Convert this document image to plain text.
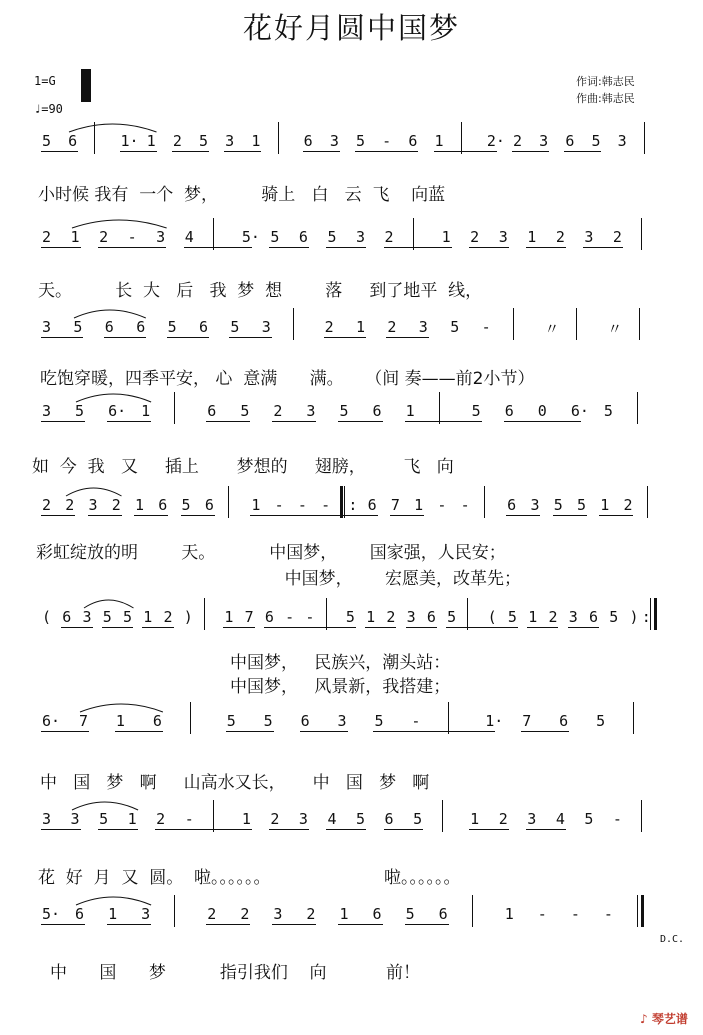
花好月圆中国梦
1=G
♩=90
作词:韩志民
作曲:韩志民
5 6	1· 1 2 5 3 1	6 3 5 - 6 1	2· 2 3 6 5 3
小时候 我有  一个  梦，        骑上   白   云  飞    向蓝
2 1 2 - 3 4	5· 5 6 5 3 2	1 2 3 1 2 3 2
天。        长  大   后   我  梦  想        落     到了地平  线，
3 5 6 6 5 6 5 3	2 1 2 3 5 -	〃	〃
吃饱穿暖，四季平安， 心  意满      满。    （间 奏——前2小节）
3 5 6· 1	6 5 2 3 5 6 1	5 6 0 6· 5
如  今  我   又     插上       梦想的     翅膀，       飞   向
2 2 3 2 1 6 5 6 1 - - - : 6 7 1 - - 6 3 5 5 1 2
彩虹绽放的明        天。          中国梦，      国家强，人民安；
中国梦，      宏愿美，改革先；
( 6 3 5 5 1 2 ) 1 7 6 - - 5 1 2 3 6 5 ( 5 1 2 3 6 5 ) :
中国梦，   民族兴，潮头站：
中国梦，   风景新，我搭建；
6· 7 1 6	5 5 6 3 5 -	1· 7 6 5
中   国   梦   啊     山高水又长，     中   国   梦   啊
3 3 5 1 2 -	1 2 3 4 5 6 5	1 2 3 4 5 -
花  好  月  又  圆。  啦。。。。。。                     啦。。。。。。
5· 6 1 3	2 2 3 2 1 6 5 6	1 - - -
中      国      梦          指引我们    向           前！
D.C.
♪ 琴艺谱
